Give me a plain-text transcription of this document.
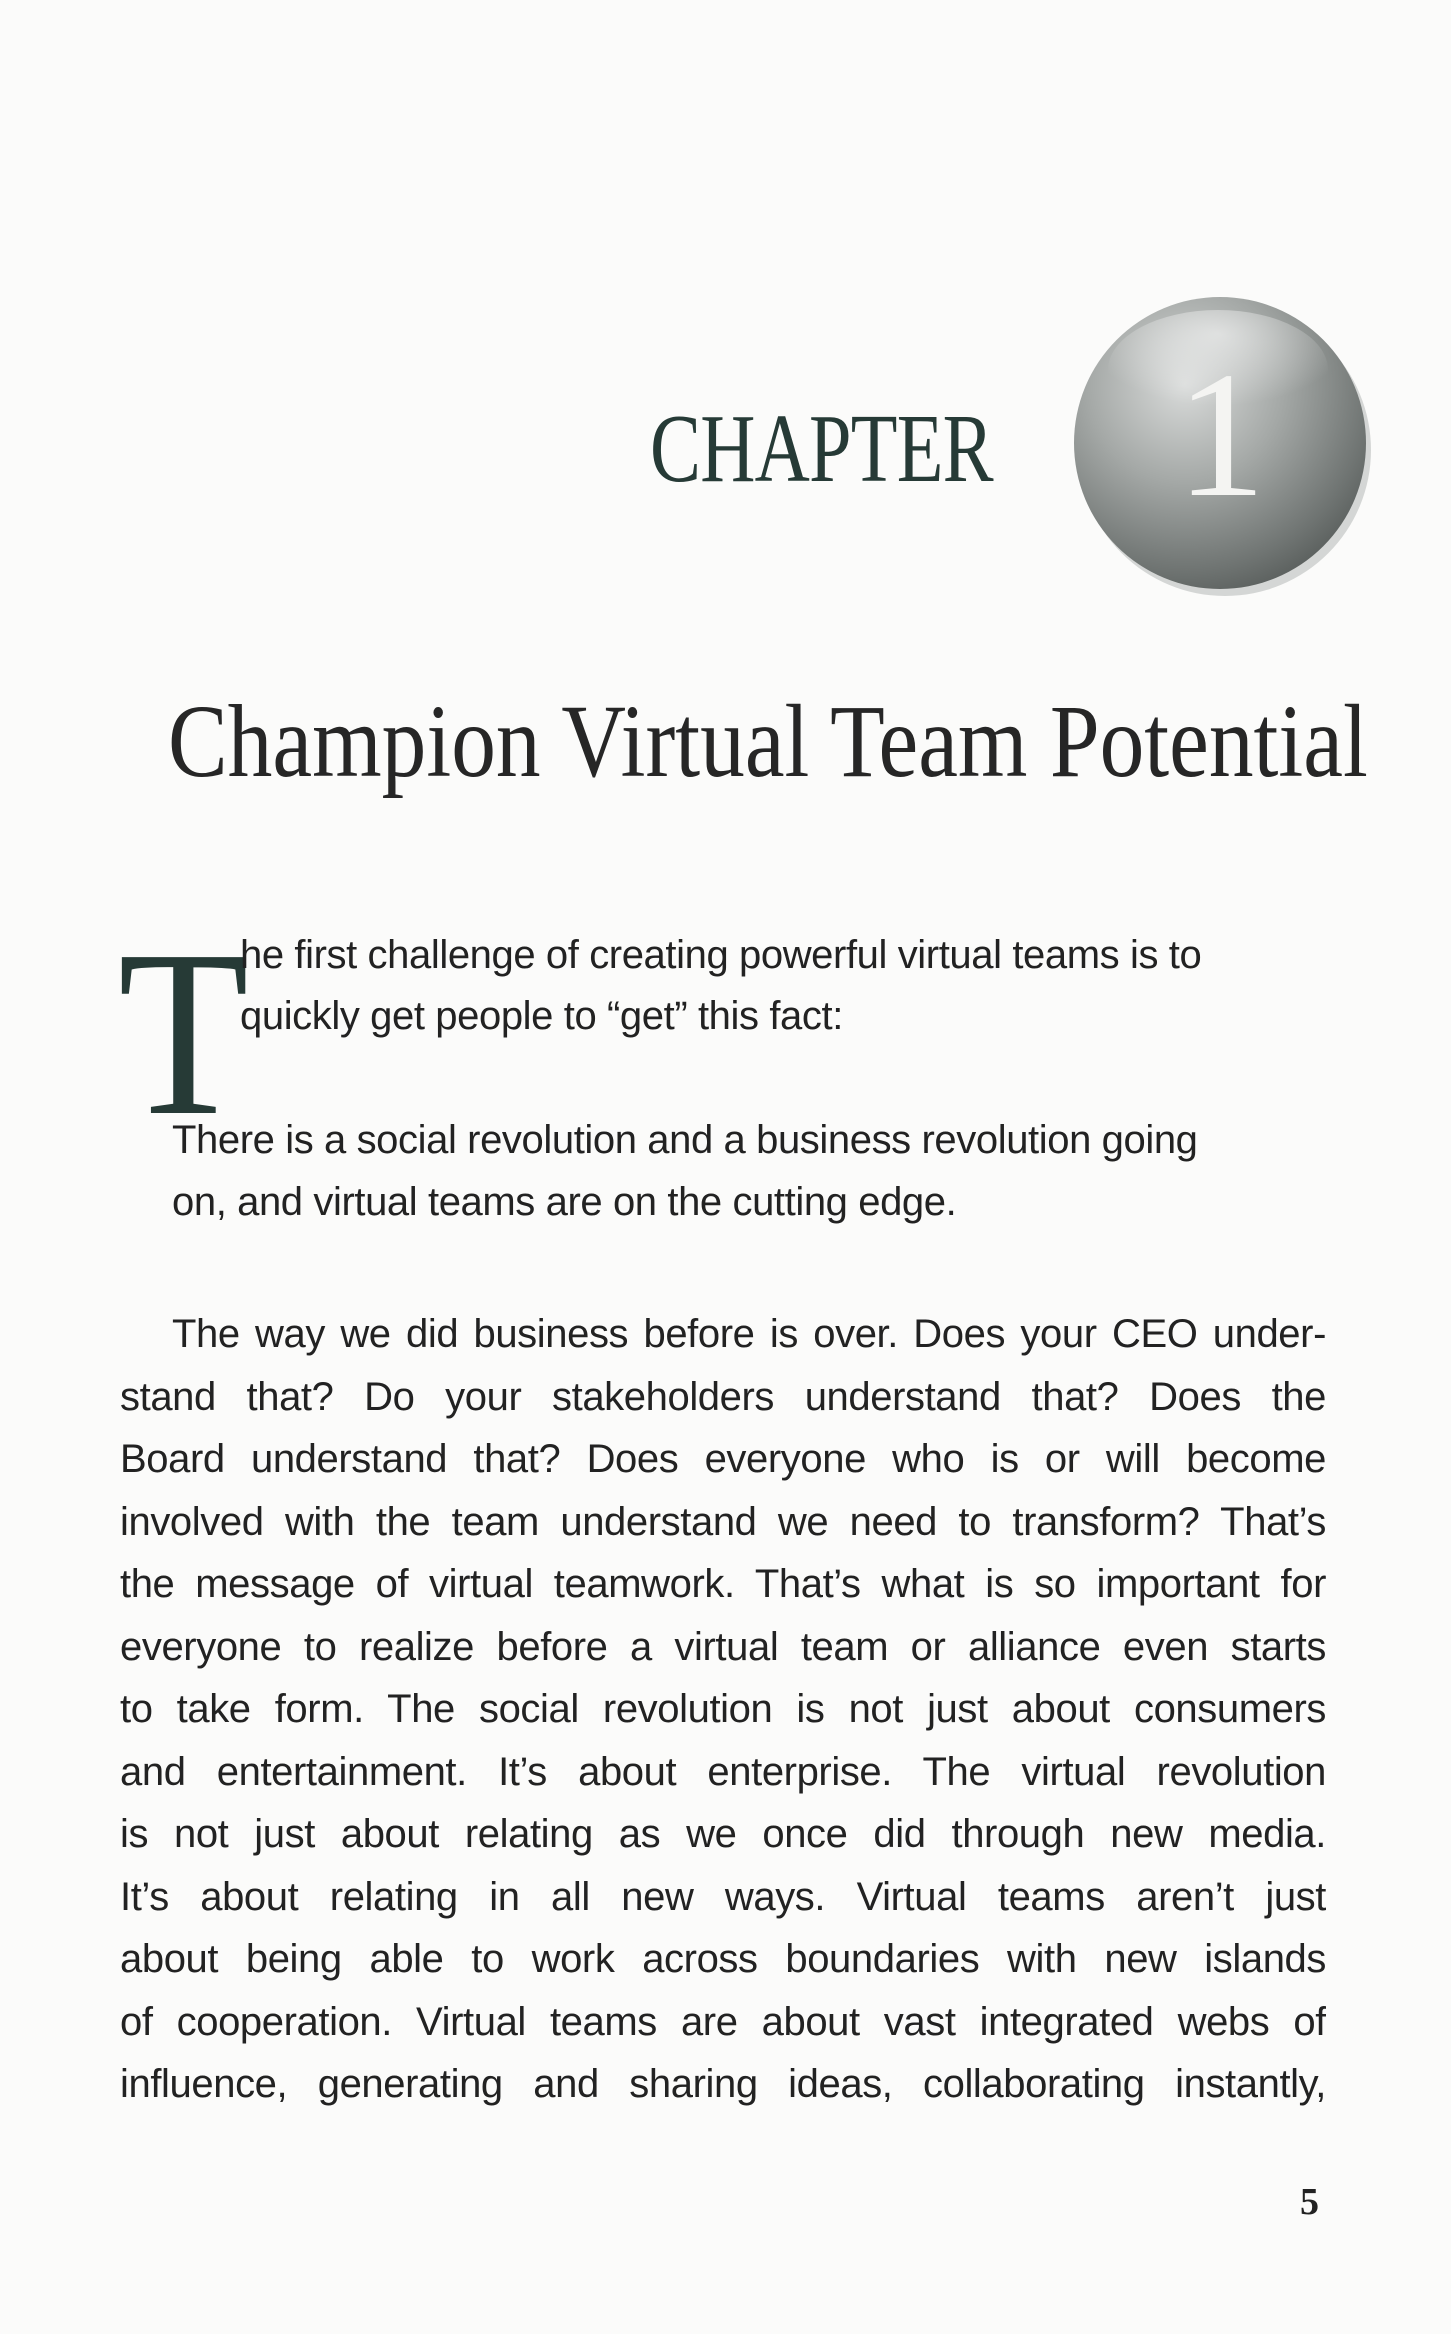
CHAPTER 1
Champion Virtual Team Potential
T
he first challenge of creating powerful virtual teams is to
quickly get people to “get” this fact:
There is a social revolution and a business revolution going
on, and virtual teams are on the cutting edge.
The way we did business before is over. Does your CEO under-
stand that? Do your stakeholders understand that? Does the
Board understand that? Does everyone who is or will become
involved with the team understand we need to transform? That’s
the message of virtual teamwork. That’s what is so important for
everyone to realize before a virtual team or alliance even starts
to take form. The social revolution is not just about consumers
and entertainment. It’s about enterprise. The virtual revolution
is not just about relating as we once did through new media.
It’s about relating in all new ways. Virtual teams aren’t just
about being able to work across boundaries with new islands
of cooperation. Virtual teams are about vast integrated webs of
influence, generating and sharing ideas, collaborating instantly,
5
